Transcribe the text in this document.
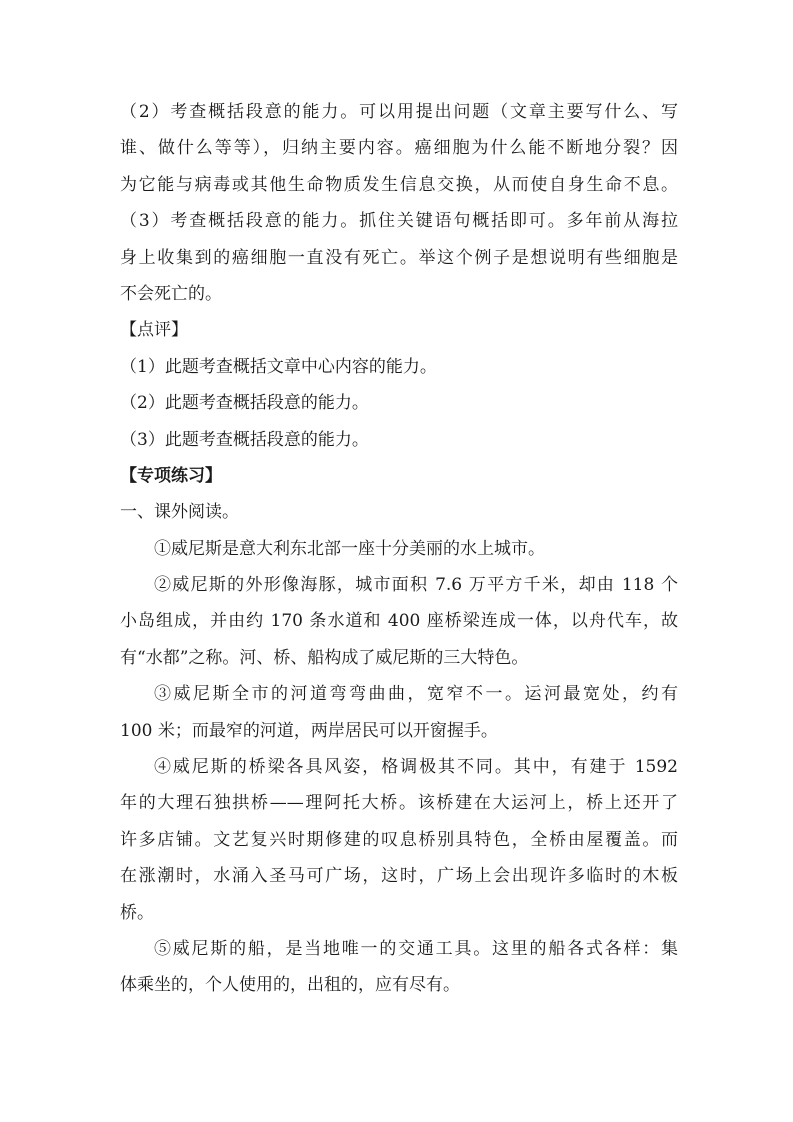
（2）考查概括段意的能力。可以用提出问题（文章主要写什么、写
谁、做什么等等），归纳主要内容。癌细胞为什么能不断地分裂？因
为它能与病毒或其他生命物质发生信息交换，从而使自身生命不息。
（3）考查概括段意的能力。抓住关键语句概括即可。多年前从海拉
身上收集到的癌细胞一直没有死亡。举这个例子是想说明有些细胞是
不会死亡的。
【点评】
（1）此题考查概括文章中心内容的能力。
（2）此题考查概括段意的能力。
（3）此题考查概括段意的能力。
【专项练习】
一、课外阅读。
①威尼斯是意大利东北部一座十分美丽的水上城市。
②威尼斯的外形像海豚，城市面积 7.6 万平方千米，却由 118 个
小岛组成，并由约 170 条水道和 400 座桥梁连成一体，以舟代车，故
有“水都”之称。河、桥、船构成了威尼斯的三大特色。
③威尼斯全市的河道弯弯曲曲，宽窄不一。运河最宽处，约有
100 米；而最窄的河道，两岸居民可以开窗握手。
④威尼斯的桥梁各具风姿，格调极其不同。其中，有建于 1592
年的大理石独拱桥——理阿托大桥。该桥建在大运河上，桥上还开了
许多店铺。文艺复兴时期修建的叹息桥别具特色，全桥由屋覆盖。而
在涨潮时，水涌入圣马可广场，这时，广场上会出现许多临时的木板
桥。
⑤威尼斯的船，是当地唯一的交通工具。这里的船各式各样：集
体乘坐的，个人使用的，出租的，应有尽有。
